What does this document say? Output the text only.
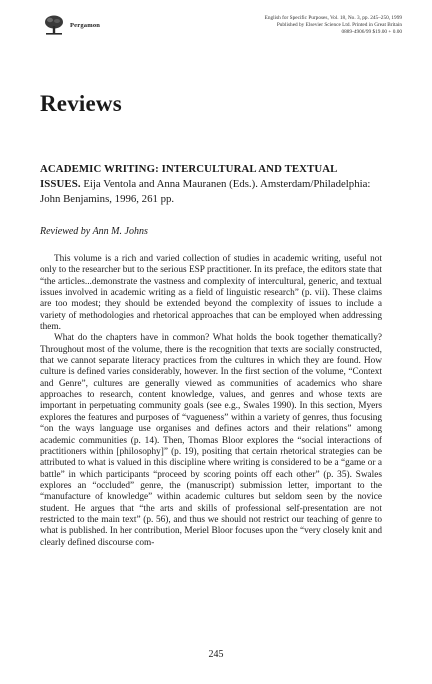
Pergamon
English for Specific Purposes, Vol. 18, No. 3, pp. 245–250, 1999
Published by Elsevier Science Ltd. Printed in Great Britain
0889-4906/99 $19.00 + 0.00
Reviews
ACADEMIC WRITING: INTERCULTURAL AND TEXTUAL ISSUES. Eija Ventola and Anna Mauranen (Eds.). Amsterdam/Philadelphia: John Benjamins, 1996, 261 pp.
Reviewed by Ann M. Johns

This volume is a rich and varied collection of studies in academic writing, useful not only to the researcher but to the serious ESP practitioner. In its preface, the editors state that “the articles...demonstrate the vastness and complexity of intercultural, generic, and textual issues involved in academic writing as a field of linguistic research” (p. vii). These claims are too modest; they should be extended beyond the complexity of issues to include a variety of methodologies and rhetorical approaches that can be employed when addressing them.

What do the chapters have in common? What holds the book together thematically? Throughout most of the volume, there is the recognition that texts are socially constructed, that we cannot separate literacy practices from the cultures in which they are found. How culture is defined varies considerably, however. In the first section of the volume, “Context and Genre”, cultures are generally viewed as communities of academics who share approaches to research, content knowledge, values, and genres and whose texts are important in perpetuating community goals (see e.g., Swales 1990). In this section, Myers explores the features and purposes of “vagueness” within a variety of genres, thus focusing “on the ways language use organises and defines actors and their relations” among academic communities (p. 14). Then, Thomas Bloor explores the “social interactions of practitioners within [philosophy]” (p. 19), positing that certain rhetorical strategies can be attributed to what is valued in this discipline where writing is considered to be a “game or a battle” in which participants “proceed by scoring points off each other” (p. 35). Swales explores an “occluded” genre, the (manuscript) submission letter, important to the “manufacture of knowledge” within academic cultures but seldom seen by the novice student. He argues that “the arts and skills of professional self-presentation are not restricted to the main text” (p. 56), and thus we should not restrict our teaching of genre to what is published. In her contribution, Meriel Bloor focuses upon the “very closely knit and clearly defined discourse com-

245
